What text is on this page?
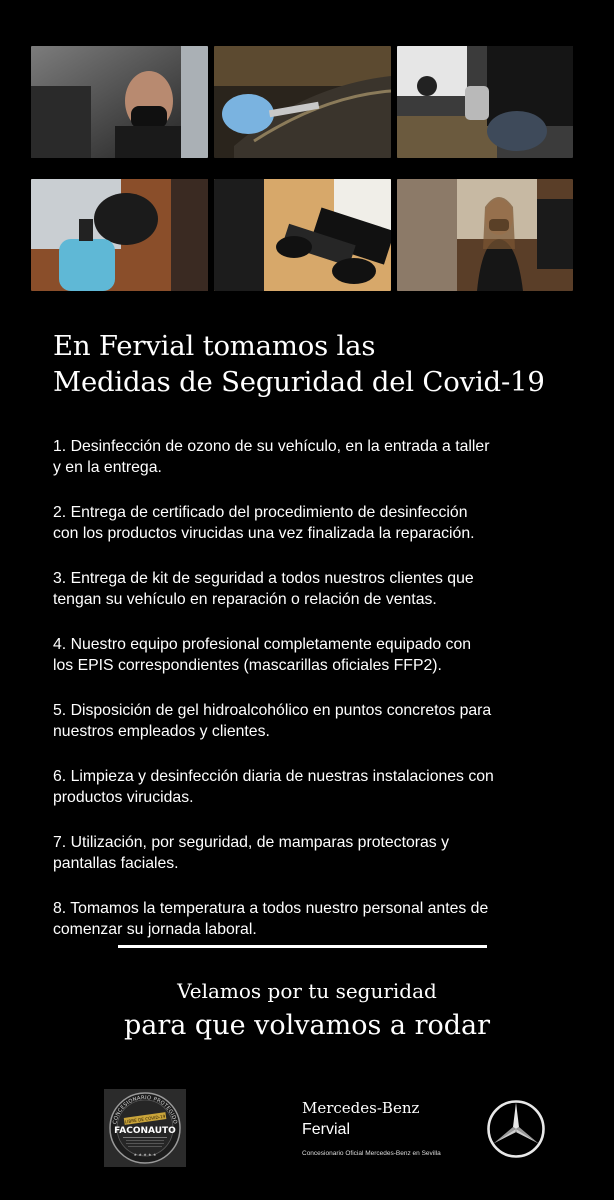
En Fervial tomamos las
Medidas de Seguridad del Covid-19
1. Desinfección de ozono de su vehículo, en la entrada a taller
y en la entrega.
2. Entrega de certificado del procedimiento de desinfección
con los productos virucidas una vez finalizada la reparación.
3. Entrega de kit de seguridad a todos nuestros clientes que
tengan su vehículo en reparación o relación de ventas.
4. Nuestro equipo profesional completamente equipado con
los EPIS correspondientes (mascarillas oficiales FFP2).
5. Disposición de gel hidroalcohólico en puntos concretos para
nuestros empleados y clientes.
6. Limpieza y desinfección diaria de nuestras instalaciones con
productos virucidas.
7. Utilización, por seguridad, de mamparas protectoras y
pantallas faciales.
8. Tomamos la temperatura a todos nuestro personal antes de
comenzar su jornada laboral.
Velamos por tu seguridad
para que volvamos a rodar
CONCESIONARIO PROTEGIDO
LIBRE DE COVID-19
FACONAUTO
★ ★ ★ ★ ★
Mercedes-Benz
Fervial
Concesionario Oficial Mercedes-Benz en Sevilla
